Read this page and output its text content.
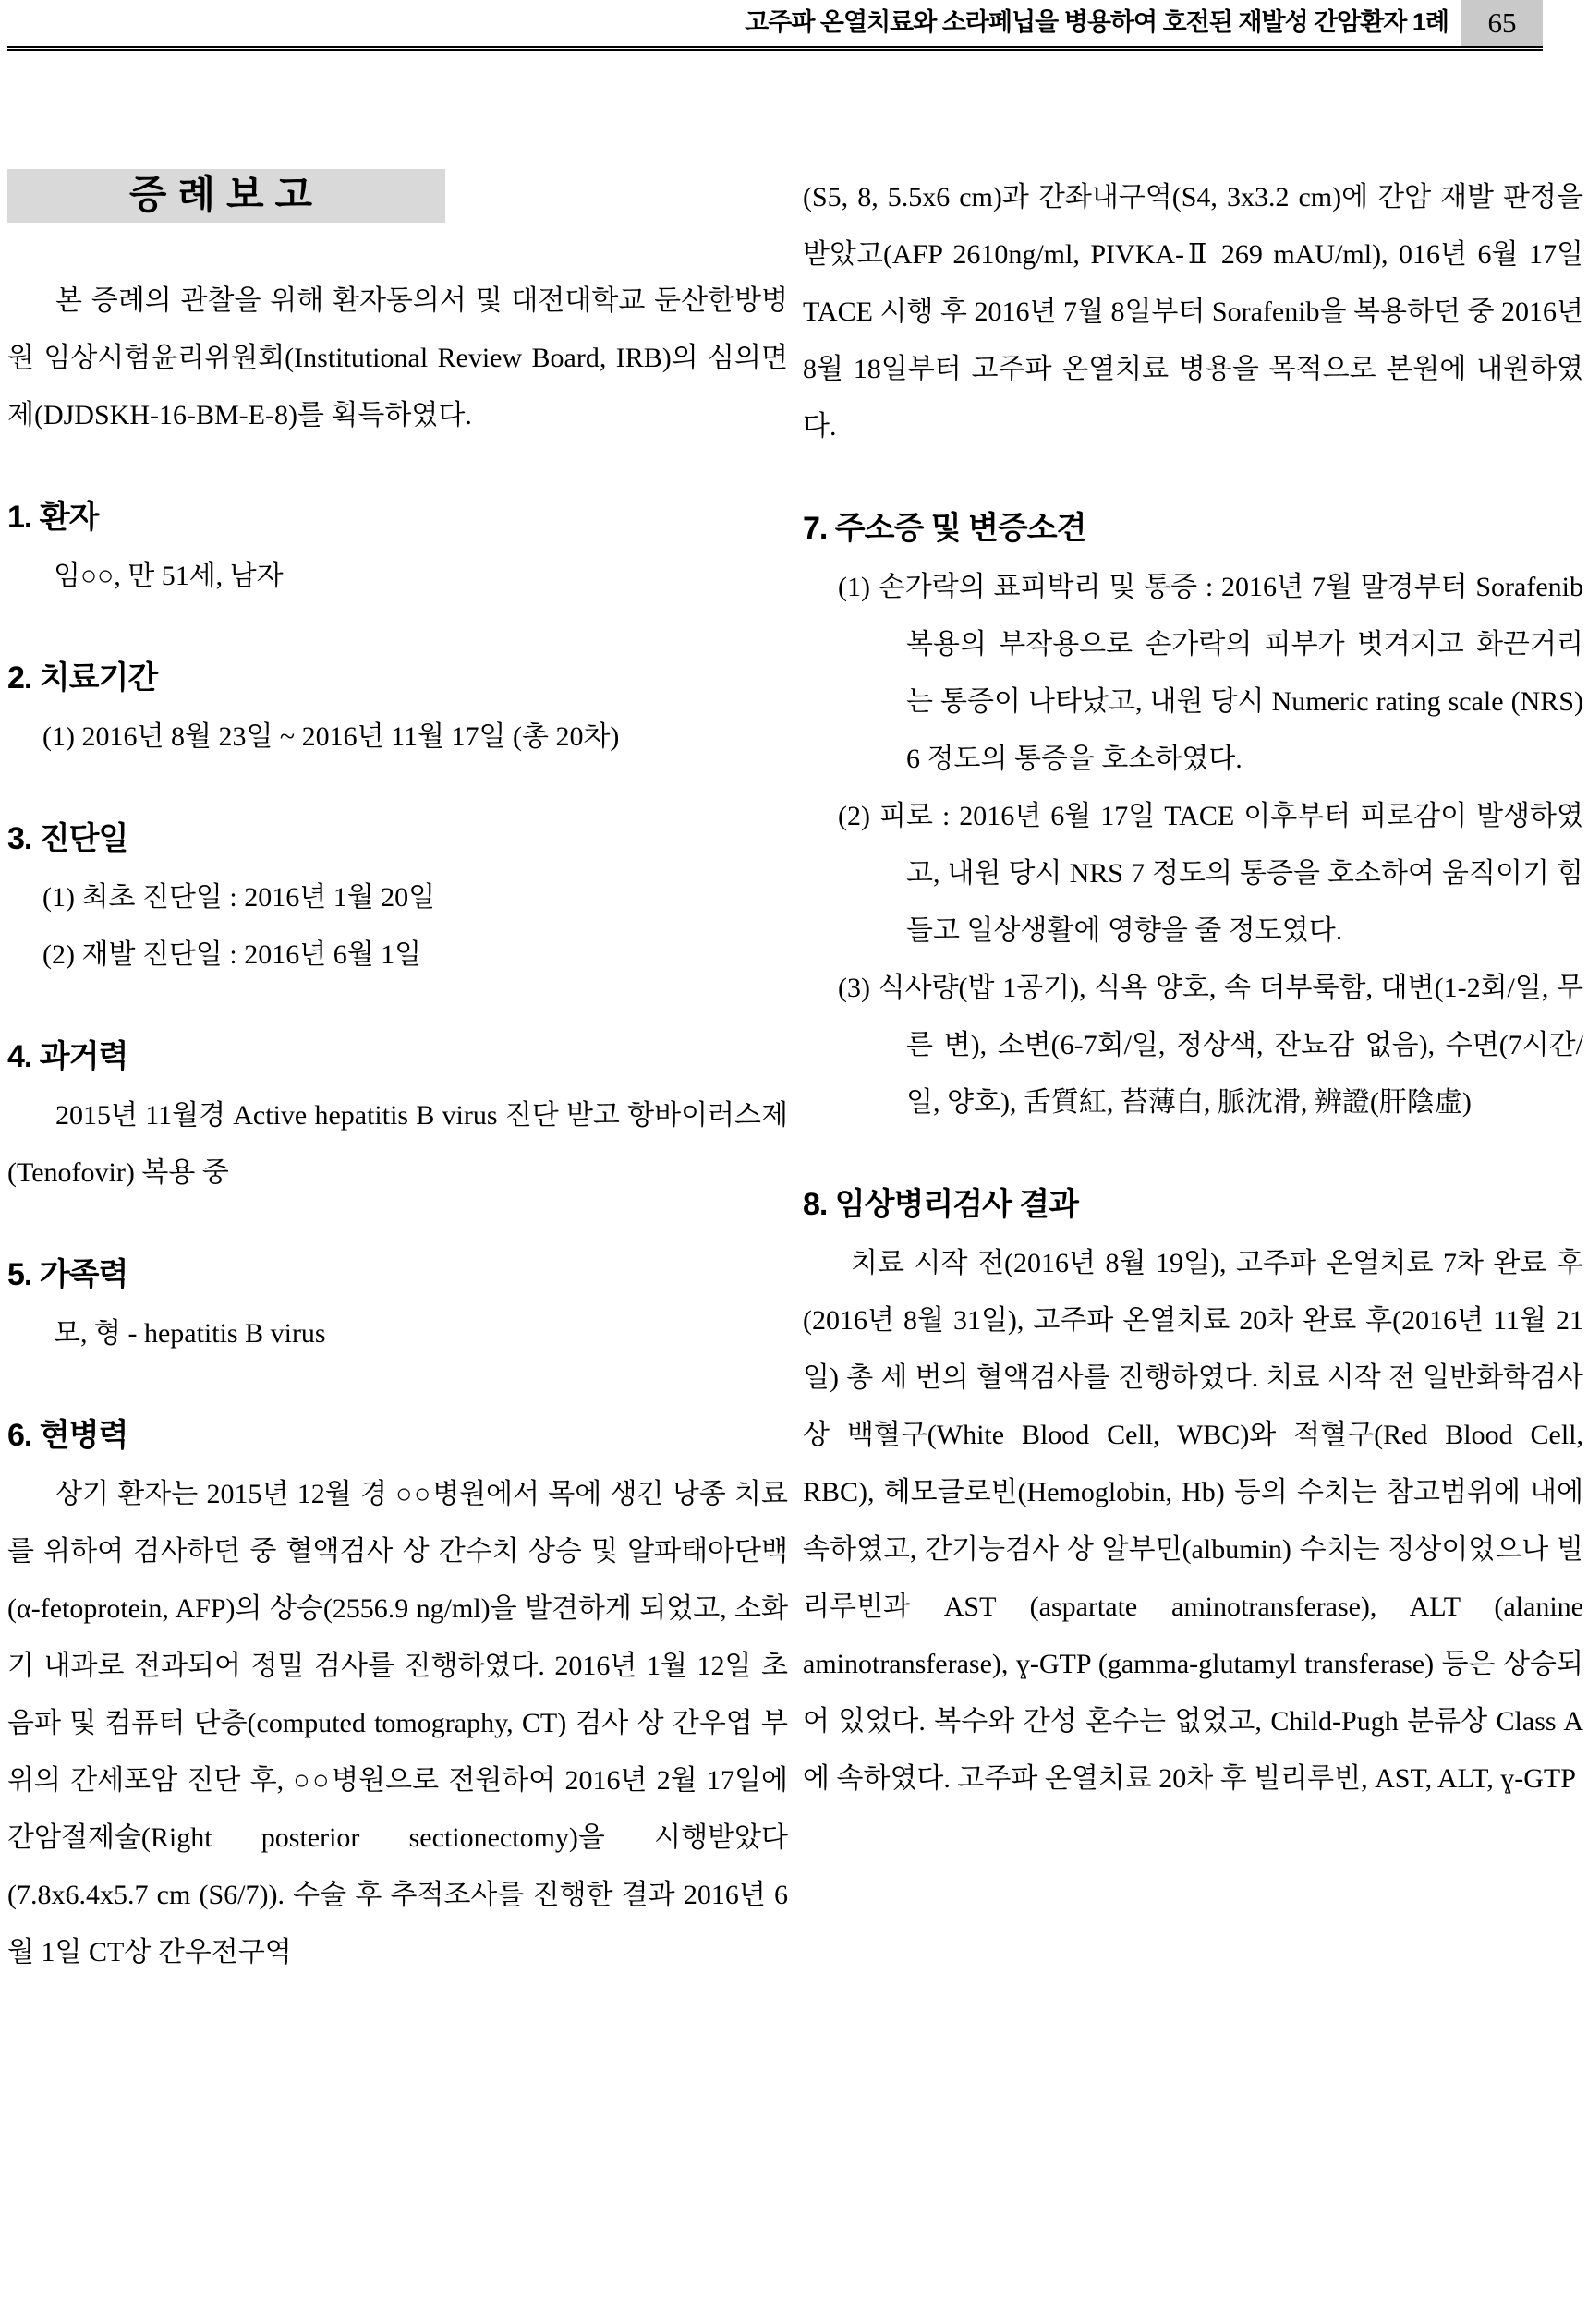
고주파 온열치료와 소라페닙을 병용하여 호전된 재발성 간암환자 1례	65
증례보고

본 증례의 관찰을 위해 환자동의서 및 대전대학교 둔산한방병원 임상시험윤리위원회(Institutional Review Board, IRB)의 심의면제(DJDSKH-16-BM-E-8)를 획득하였다.

1. 환자

임○○, 만 51세, 남자

2. 치료기간

(1) 2016년 8월 23일 ~ 2016년 11월 17일 (총 20차)

3. 진단일

(1) 최초 진단일 : 2016년 1월 20일

(2) 재발 진단일 : 2016년 6월 1일

4. 과거력

2015년 11월경 Active hepatitis B virus 진단 받고 항바이러스제(Tenofovir) 복용 중

5. 가족력

모, 형 - hepatitis B virus

6. 현병력

상기 환자는 2015년 12월 경 ○○병원에서 목에 생긴 낭종 치료를 위하여 검사하던 중 혈액검사 상 간수치 상승 및 알파태아단백(α-fetoprotein, AFP)의 상승(2556.9 ng/ml)을 발견하게 되었고, 소화기 내과로 전과되어 정밀 검사를 진행하였다. 2016년 1월 12일 초음파 및 컴퓨터 단층(computed tomography, CT) 검사 상 간우엽 부위의 간세포암 진단 후, ○○병원으로 전원하여 2016년 2월 17일에 간암절제술(Right posterior sectionectomy)을 시행받았다(7.8x6.4x5.7 cm (S6/7)). 수술 후 추적조사를 진행한 결과 2016년 6월 1일 CT상 간우전구역

(S5, 8, 5.5x6 cm)과 간좌내구역(S4, 3x3.2 cm)에 간암 재발 판정을 받았고(AFP 2610ng/ml, PIVKA-Ⅱ 269 mAU/ml), 016년 6월 17일 TACE 시행 후 2016년 7월 8일부터 Sorafenib을 복용하던 중 2016년 8월 18일부터 고주파 온열치료 병용을 목적으로 본원에 내원하였다.

7. 주소증 및 변증소견

(1) 손가락의 표피박리 및 통증 : 2016년 7월 말경부터 Sorafenib 복용의 부작용으로 손가락의 피부가 벗겨지고 화끈거리는 통증이 나타났고, 내원 당시 Numeric rating scale (NRS) 6 정도의 통증을 호소하였다.

(2) 피로 : 2016년 6월 17일 TACE 이후부터 피로감이 발생하였고, 내원 당시 NRS 7 정도의 통증을 호소하여 움직이기 힘들고 일상생활에 영향을 줄 정도였다.

(3) 식사량(밥 1공기), 식욕 양호, 속 더부룩함, 대변(1-2회/일, 무른 변), 소변(6-7회/일, 정상색, 잔뇨감 없음), 수면(7시간/일, 양호), 舌質紅, 苔薄白, 脈沈滑, 辨證(肝陰虛)

8. 임상병리검사 결과

치료 시작 전(2016년 8월 19일), 고주파 온열치료 7차 완료 후(2016년 8월 31일), 고주파 온열치료 20차 완료 후(2016년 11월 21일) 총 세 번의 혈액검사를 진행하였다. 치료 시작 전 일반화학검사 상 백혈구(White Blood Cell, WBC)와 적혈구(Red Blood Cell, RBC), 헤모글로빈(Hemoglobin, Hb) 등의 수치는 참고범위에 내에 속하였고, 간기능검사 상 알부민(albumin) 수치는 정상이었으나 빌리루빈과 AST (aspartate aminotransferase), ALT (alanine aminotransferase), ɣ-GTP (gamma-glutamyl transferase) 등은 상승되어 있었다. 복수와 간성 혼수는 없었고, Child-Pugh 분류상 Class A에 속하였다. 고주파 온열치료 20차 후 빌리루빈, AST, ALT, ɣ-GTP
